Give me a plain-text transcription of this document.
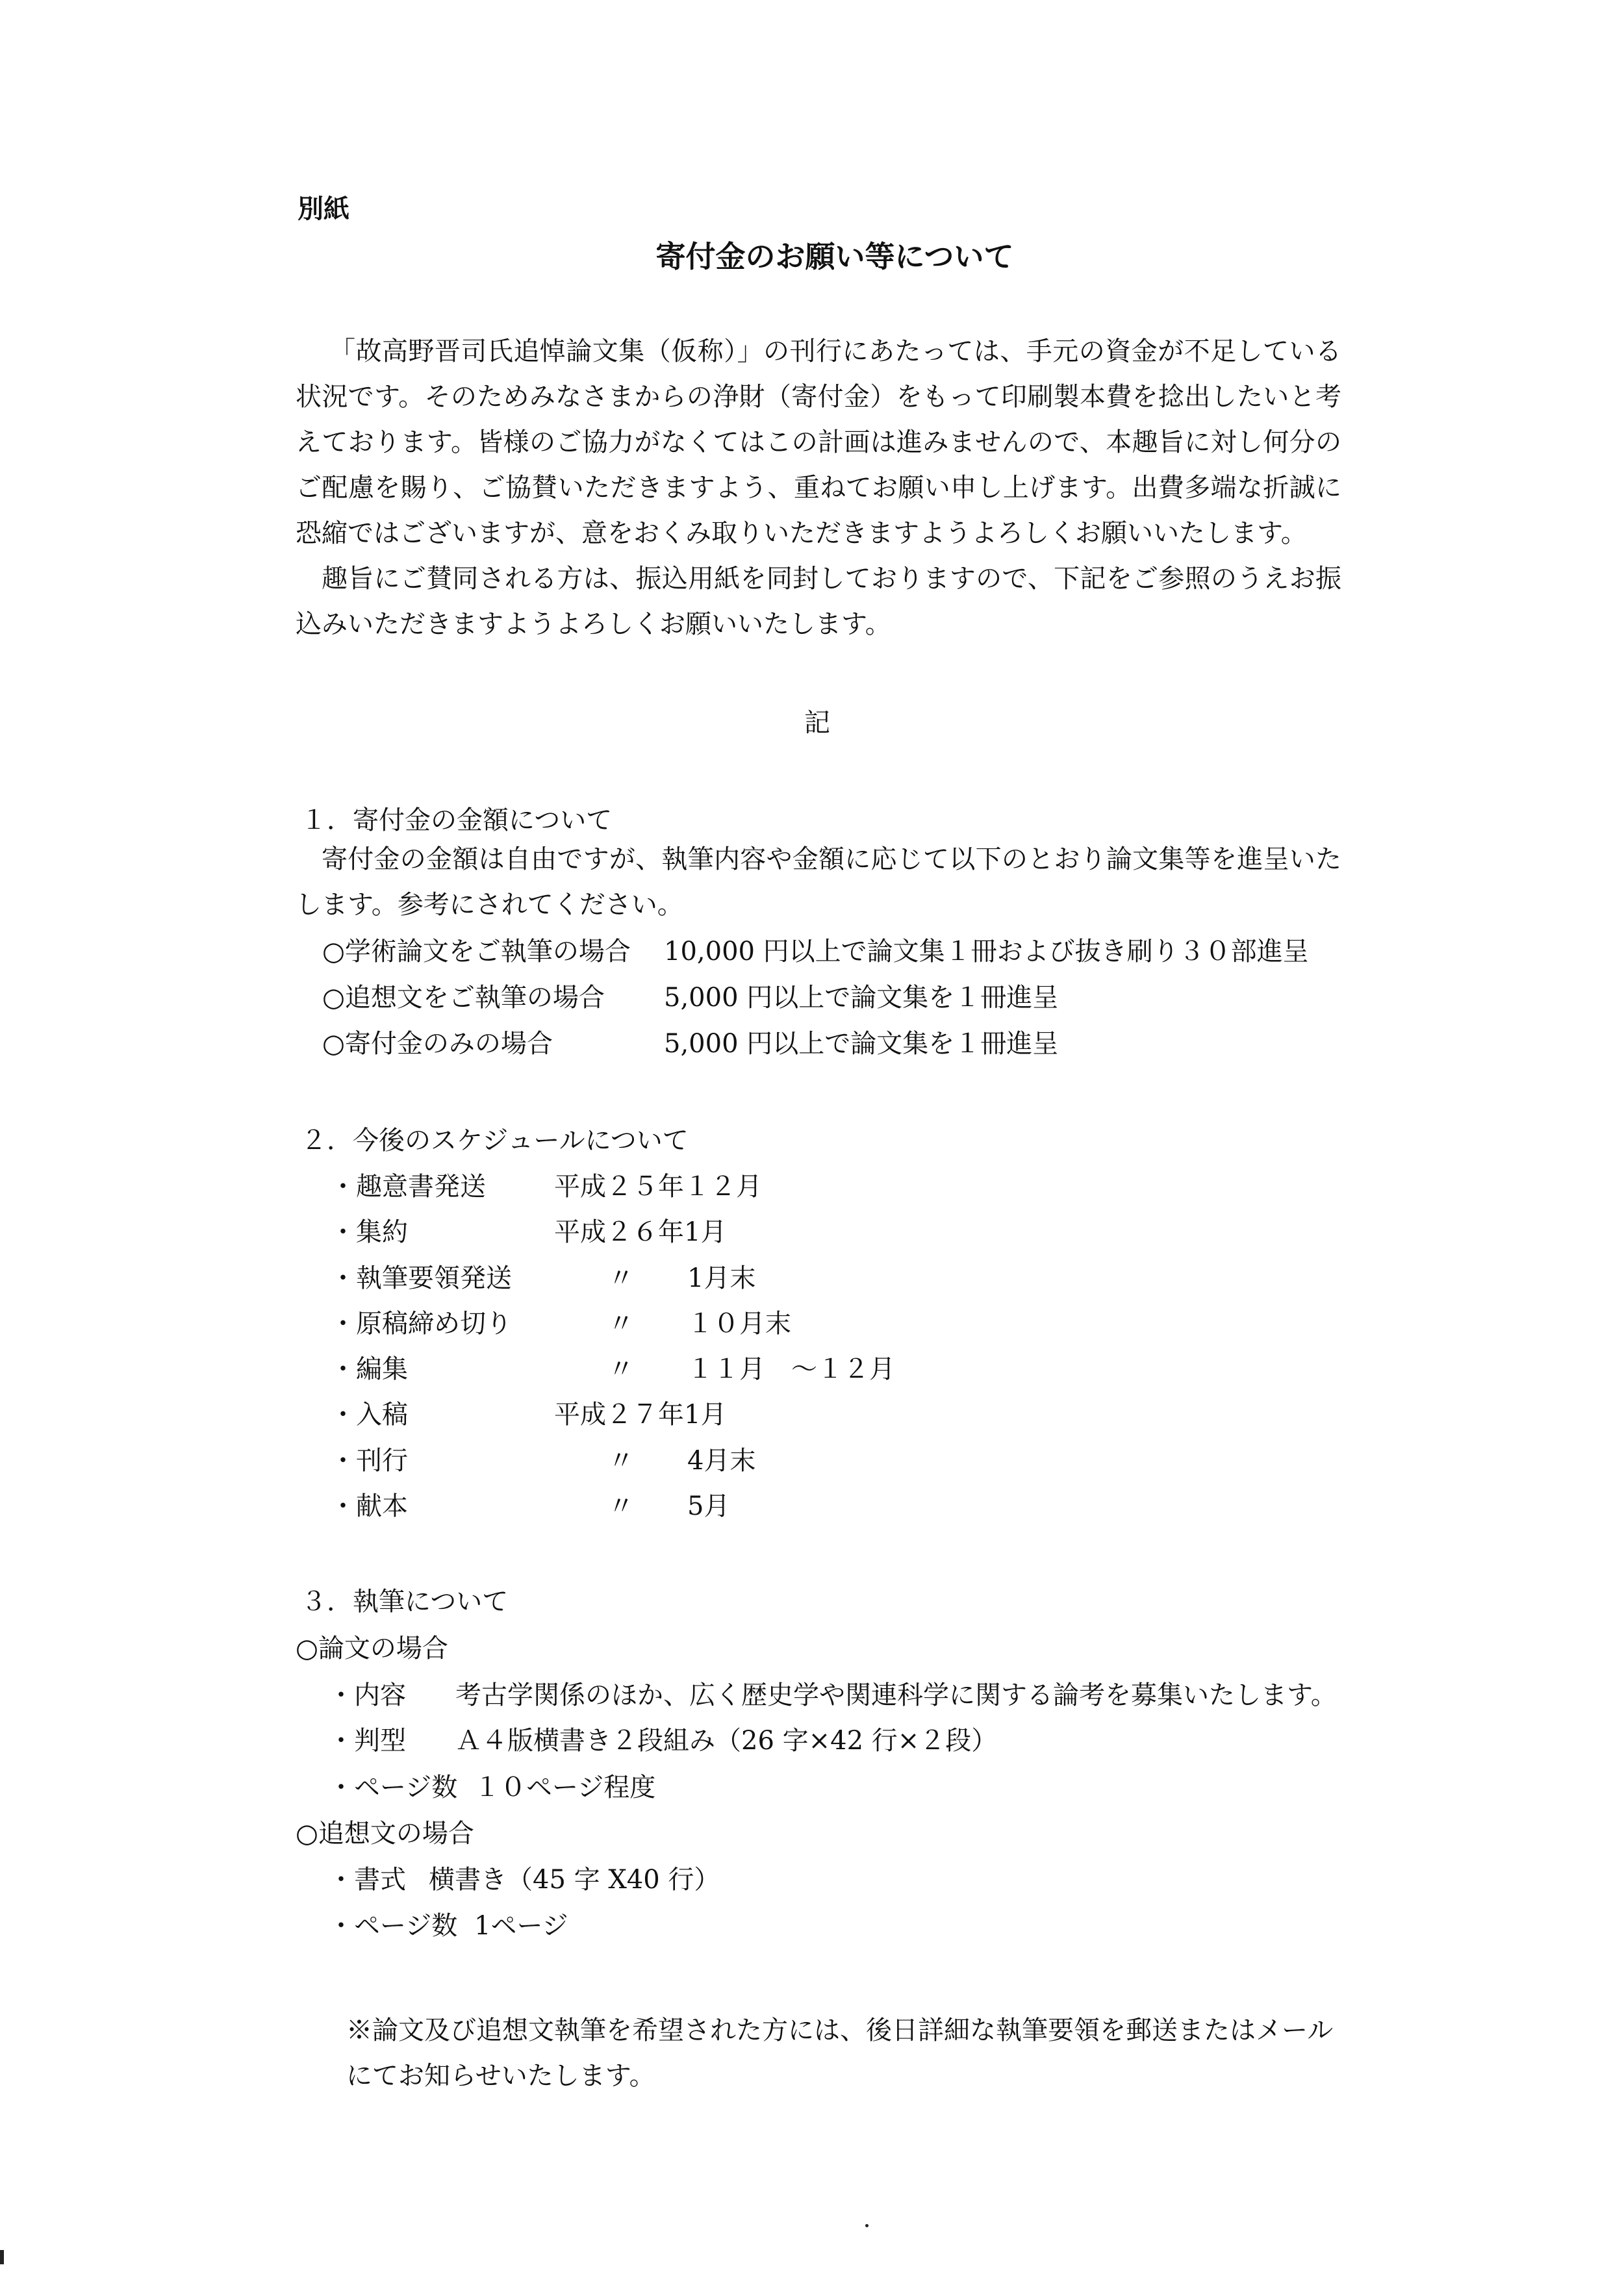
別紙
寄付金のお願い等について
「故高野晋司氏追悼論文集（仮称）」の刊行にあたっては、手元の資金が不足している状況です。そのためみなさまからの浄財（寄付金）をもって印刷製本費を捻出したいと考えております。皆様のご協力がなくてはこの計画は進みませんので、本趣旨に対し何分のご配慮を賜り、ご協賛いただきますよう、重ねてお願い申し上げます。出費多端な折誠に恐縮ではございますが、意をおくみ取りいただきますようよろしくお願いいたします。
趣旨にご賛同される方は、振込用紙を同封しておりますので、下記をご参照のうえお振込みいただきますようよろしくお願いいたします。
記
１．寄付金の金額について
寄付金の金額は自由ですが、執筆内容や金額に応じて以下のとおり論文集等を進呈いたします。参考にされてください。
○学術論文をご執筆の場合 10,000 円以上で論文集１冊および抜き刷り３０部進呈
○追想文をご執筆の場合 5,000 円以上で論文集を１冊進呈
○寄付金のみの場合	5,000 円以上で論文集を１冊進呈
２．今後のスケジュールについて
・趣意書発送	平成２５年１２月
・集約	平成２６年1月
・執筆要領発送	〃 1月末
・原稿締め切り	〃 １０月末
・編集	〃 １１月　～１２月
・入稿	平成２７年1月
・刊行	〃 4月末
・献本	〃 5月
３．執筆について
○論文の場合
・内容 考古学関係のほか、広く歴史学や関連科学に関する論考を募集いたします。
・判型 Ａ４版横書き２段組み（26 字×42 行×２段）
・ページ数 １０ページ程度
○追想文の場合
・書式 横書き（45 字 X40 行）
・ページ数 1ページ
※論文及び追想文執筆を希望された方には、後日詳細な執筆要領を郵送またはメールにてお知らせいたします。
